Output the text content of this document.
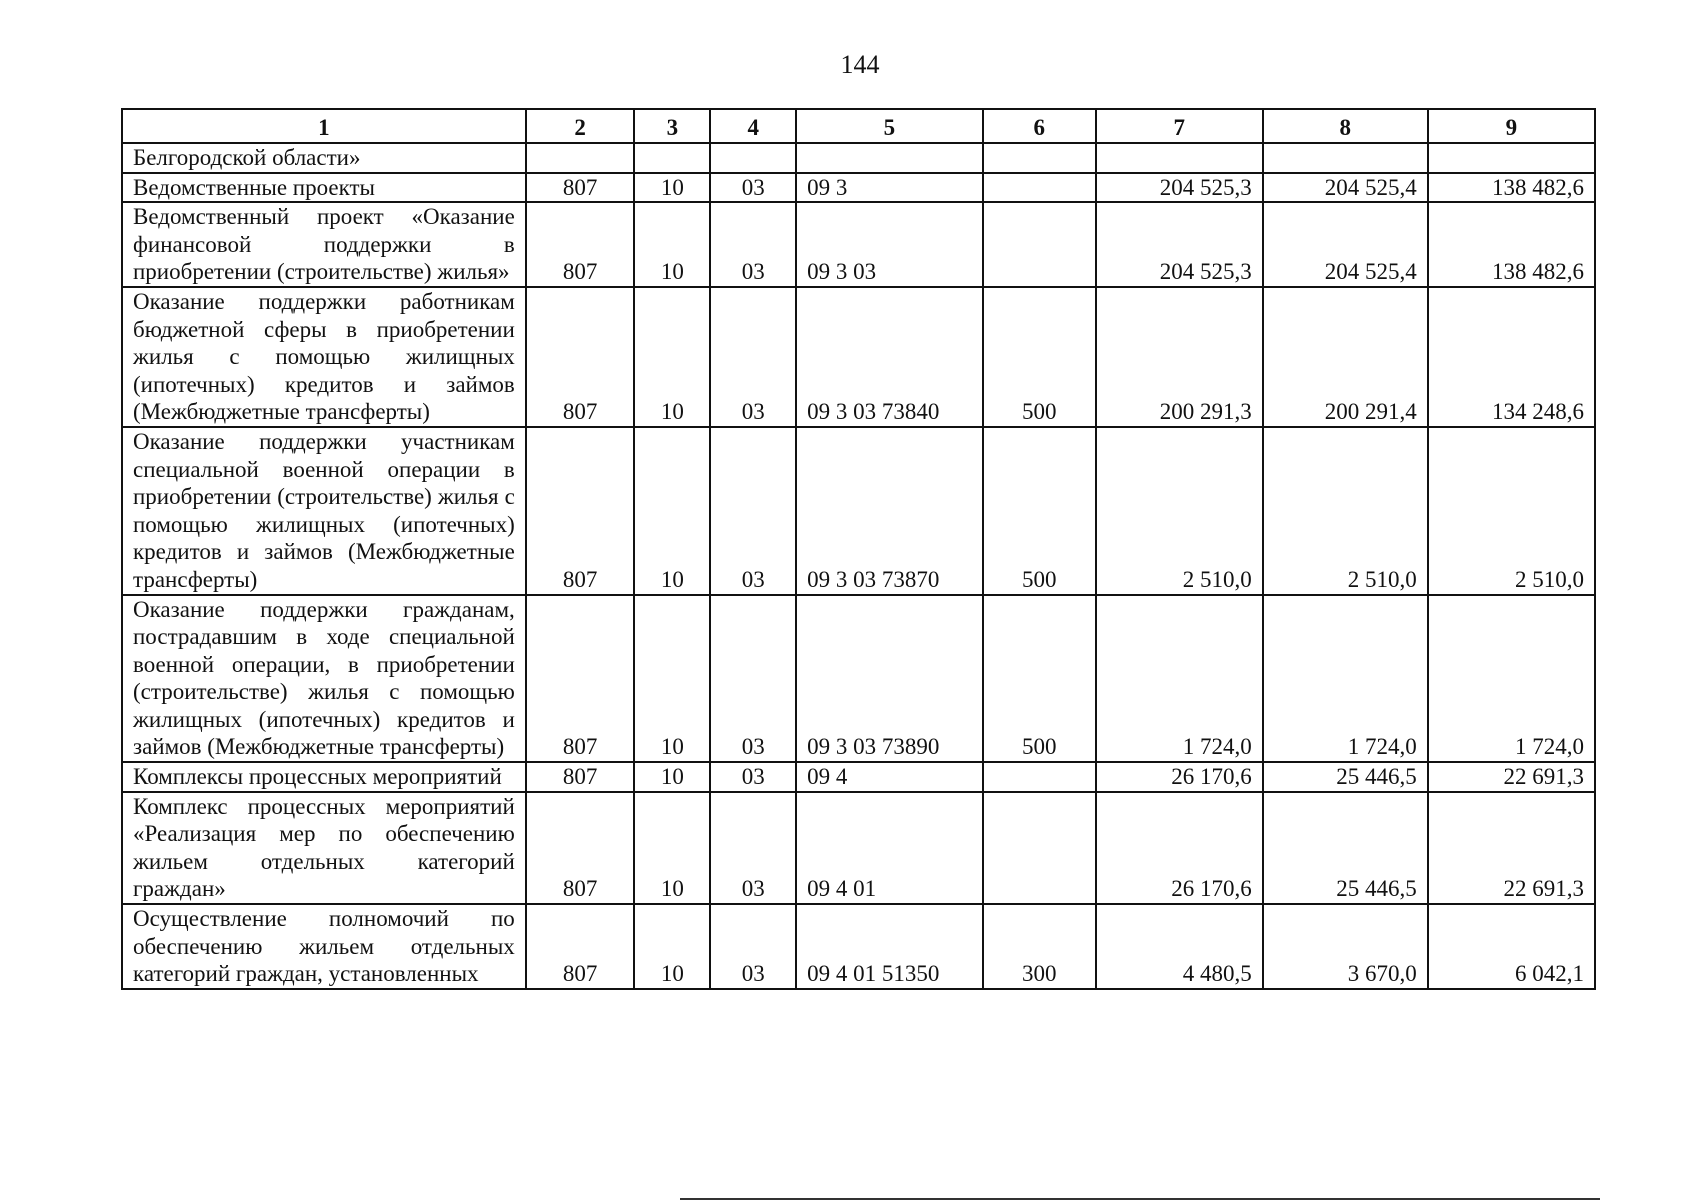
144
1	2	3	4	5	6	7	8	9
Белгородской области»								
Ведомственные проекты	807	10	03	09 3		204 525,3	204 525,4	138 482,6
Ведомственный проект «Оказание финансовой поддержки в приобретении (строительстве) жилья»	807	10	03	09 3 03		204 525,3	204 525,4	138 482,6
Оказание поддержки работникам бюджетной сферы в приобретении жилья с помощью жилищных (ипотечных) кредитов и займов (Межбюджетные трансферты)	807	10	03	09 3 03 73840	500	200 291,3	200 291,4	134 248,6
Оказание поддержки участникам специальной военной операции в приобретении (строительстве) жилья с помощью жилищных (ипотечных) кредитов и займов (Межбюджетные трансферты)	807	10	03	09 3 03 73870	500	2 510,0	2 510,0	2 510,0
Оказание поддержки гражданам, пострадавшим в ходе специальной военной операции, в приобретении (строительстве) жилья с помощью жилищных (ипотечных) кредитов и займов (Межбюджетные трансферты)	807	10	03	09 3 03 73890	500	1 724,0	1 724,0	1 724,0
Комплексы процессных мероприятий	807	10	03	09 4		26 170,6	25 446,5	22 691,3
Комплекс процессных мероприятий «Реализация мер по обеспечению жильем отдельных категорий граждан»	807	10	03	09 4 01		26 170,6	25 446,5	22 691,3
Осуществление полномочий по обеспечению жильем отдельных категорий граждан, установленных	807	10	03	09 4 01 51350	300	4 480,5	3 670,0	6 042,1
